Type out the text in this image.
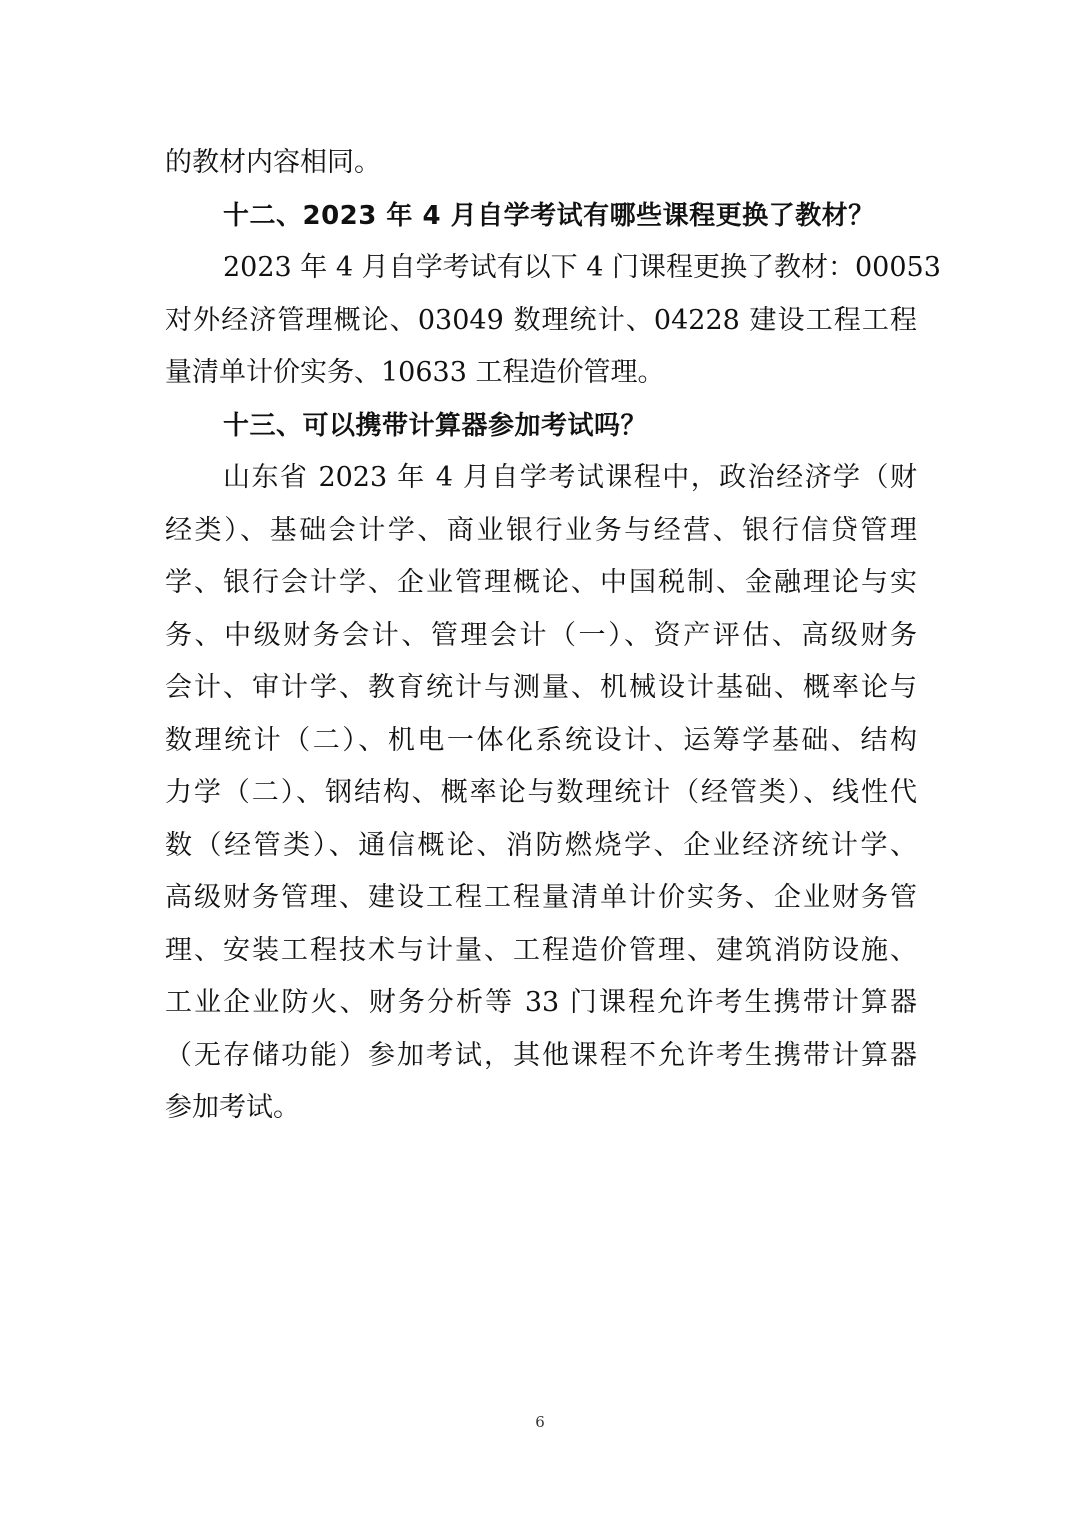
的教材内容相同。
十二、2023 年 4 月自学考试有哪些课程更换了教材？
2023 年 4 月自学考试有以下 4 门课程更换了教材：00053
对外经济管理概论、03049 数理统计、04228 建设工程工程
量清单计价实务、10633 工程造价管理。
十三、可以携带计算器参加考试吗？
山东省 2023 年 4 月自学考试课程中，政治经济学（财
经类）、基础会计学、商业银行业务与经营、银行信贷管理
学、银行会计学、企业管理概论、中国税制、金融理论与实
务、中级财务会计、管理会计（一）、资产评估、高级财务
会计、审计学、教育统计与测量、机械设计基础、概率论与
数理统计（二）、机电一体化系统设计、运筹学基础、结构
力学（二）、钢结构、概率论与数理统计（经管类）、线性代
数（经管类）、通信概论、消防燃烧学、企业经济统计学、
高级财务管理、建设工程工程量清单计价实务、企业财务管
理、安装工程技术与计量、工程造价管理、建筑消防设施、
工业企业防火、财务分析等 33 门课程允许考生携带计算器
（无存储功能）参加考试，其他课程不允许考生携带计算器
参加考试。
6
